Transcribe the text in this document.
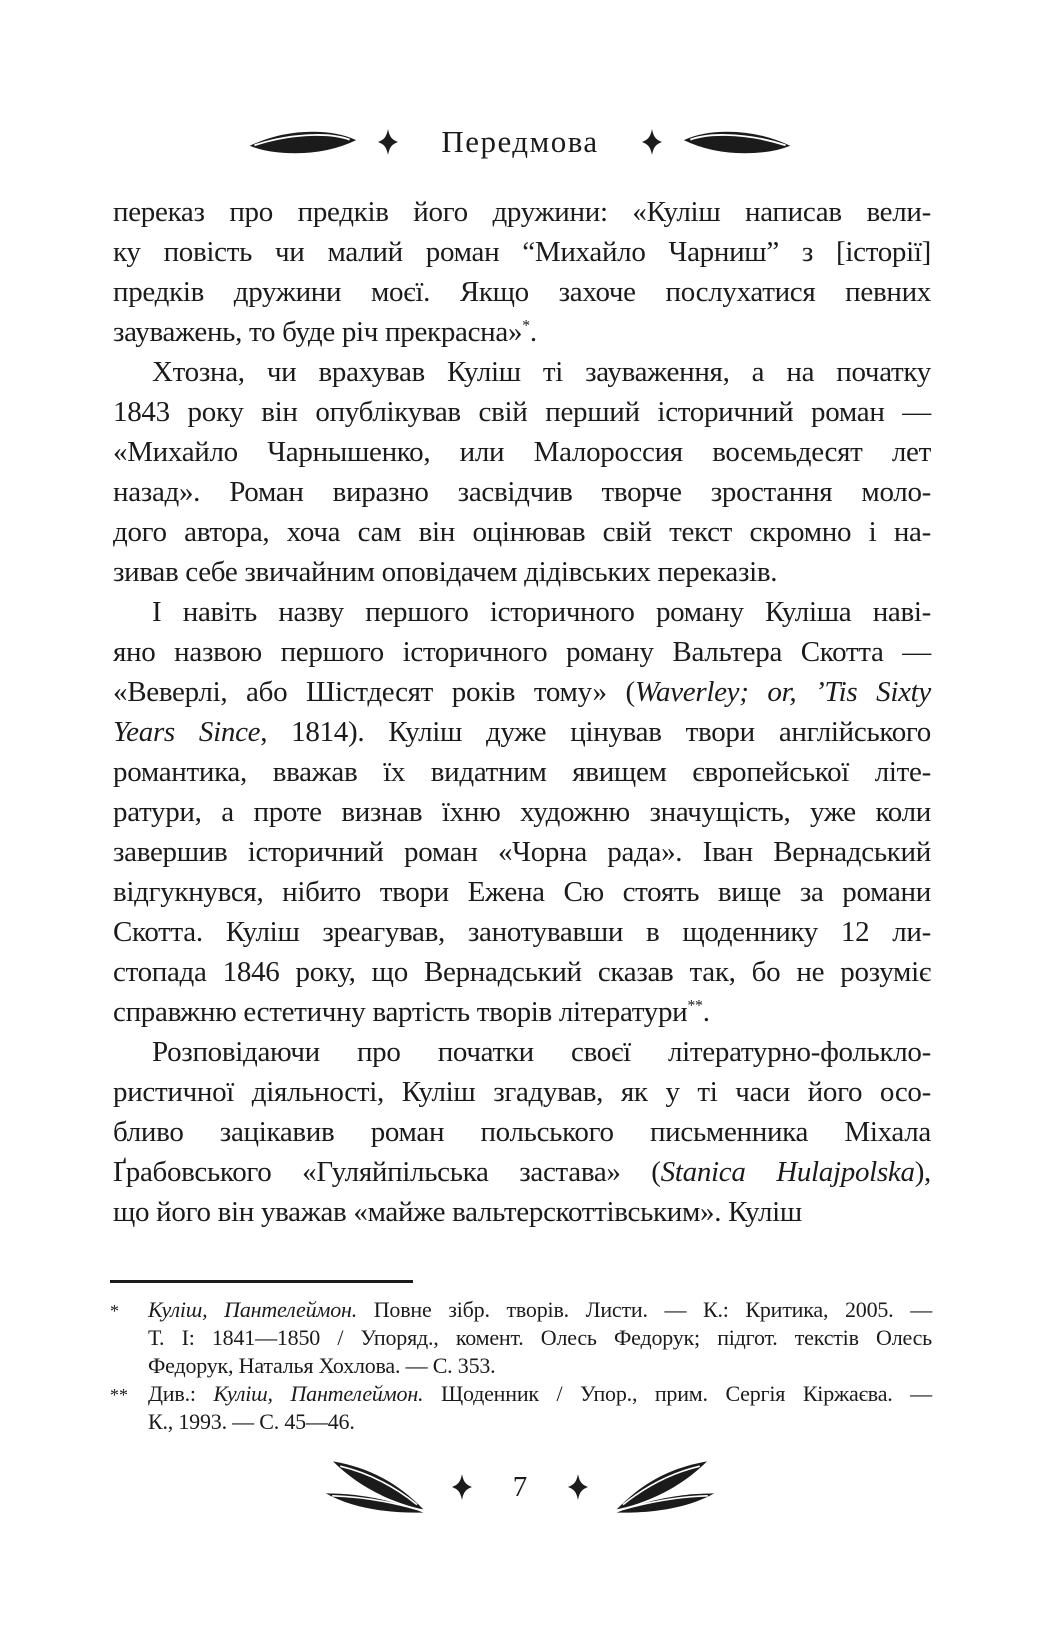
Передмова
переказ про предків його дружини: «Куліш написав вели-
ку повість чи малий роман “Михайло Чарниш” з [історії]
предків дружини моєї. Якщо захоче послухатися певних
зауважень, то буде річ прекрасна»*.
Хтозна, чи врахував Куліш ті зауваження, а на початку
1843 року він опублікував свій перший історичний роман —
«Михайло Чарнышенко, или Малороссия восемьдесят лет
назад». Роман виразно засвідчив творче зростання моло-
дого автора, хоча сам він оцінював свій текст скромно і на-
зивав себе звичайним оповідачем дідівських переказів.
І навіть назву першого історичного роману Куліша наві-
яно назвою першого історичного роману Вальтера Скотта —
«Веверлі, або Шістдесят років тому» (Waverley; or, ’Tis Sixty
Years Since, 1814). Куліш дуже цінував твори англійського
романтика, вважав їх видатним явищем європейської літе-
ратури, а проте визнав їхню художню значущість, уже коли
завершив історичний роман «Чорна рада». Іван Вернадський
відгукнувся, нібито твори Ежена Сю стоять вище за романи
Скотта. Куліш зреагував, занотувавши в щоденнику 12 ли-
стопада 1846 року, що Вернадський сказав так, бо не розуміє
справжню естетичну вартість творів літератури**.
Розповідаючи про початки своєї літературно-фолькло-
ристичної діяльності, Куліш згадував, як у ті часи його осо-
бливо зацікавив роман польського письменника Міхала
Ґрабовського «Гуляйпільська застава» (Stanica Hulajpolska),
що його він уважав «майже вальтерскоттівським». Куліш
*	Куліш, Пантелеймон. Повне зібр. творів. Листи. — К.: Критика, 2005. —
Т. І: 1841—1850 / Упоряд., комент. Олесь Федорук; підгот. текстів Олесь
Федорук, Наталья Хохлова. — С. 353.
** Див.: Куліш, Пантелеймон. Щоденник / Упор., прим. Сергія Кіржаєва. —
К., 1993. — С. 45—46.
7
